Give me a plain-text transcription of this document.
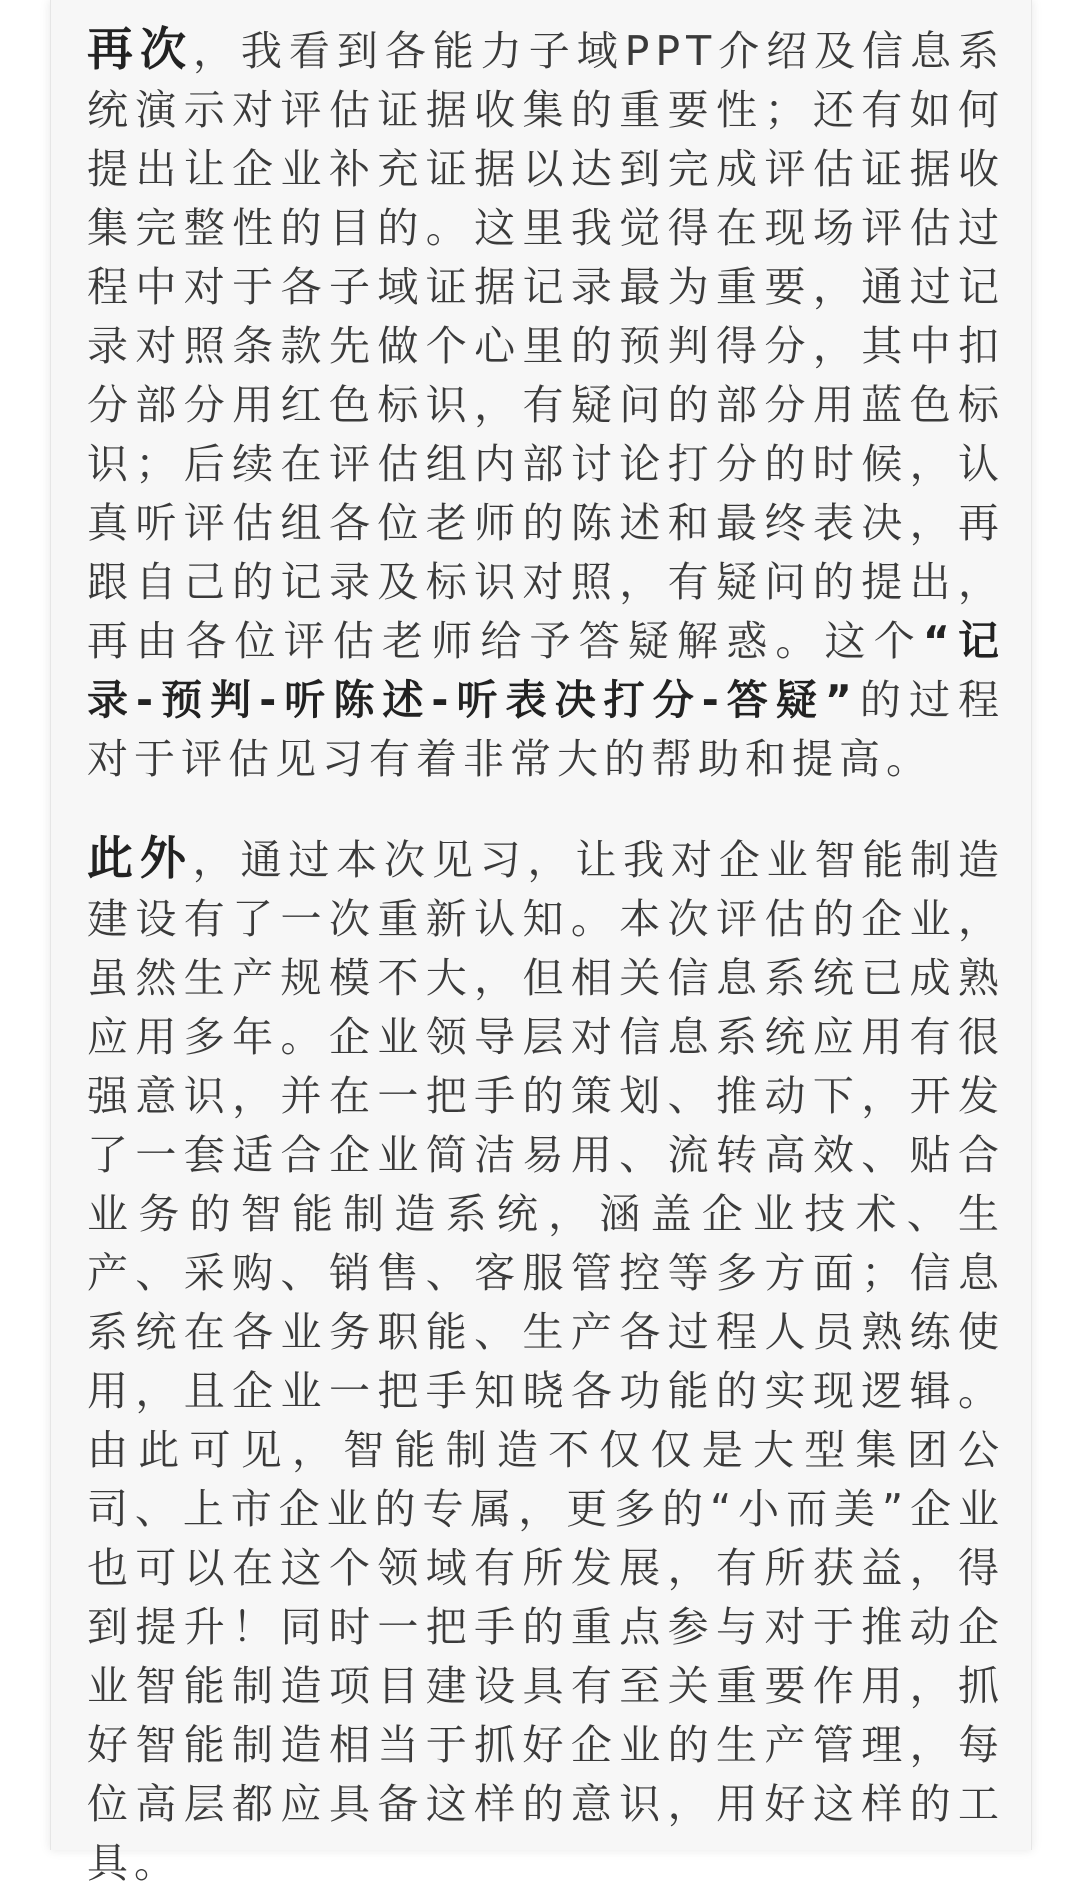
再次，我看到各能力子域PPT介绍及信息系统演示对评估证据收集的重要性；还有如何提出让企业补充证据以达到完成评估证据收集完整性的目的。这里我觉得在现场评估过程中对于各子域证据记录最为重要，通过记录对照条款先做个心里的预判得分，其中扣分部分用红色标识，有疑问的部分用蓝色标识；后续在评估组内部讨论打分的时候，认真听评估组各位老师的陈述和最终表决，再跟自己的记录及标识对照，有疑问的提出，再由各位评估老师给予答疑解惑。这个“记录-预判-听陈述-听表决打分-答疑”的过程对于评估见习有着非常大的帮助和提高。

此外，通过本次见习，让我对企业智能制造建设有了一次重新认知。本次评估的企业，虽然生产规模不大，但相关信息系统已成熟应用多年。企业领导层对信息系统应用有很强意识，并在一把手的策划、推动下，开发了一套适合企业简洁易用、流转高效、贴合业务的智能制造系统，涵盖企业技术、生产、采购、销售、客服管控等多方面；信息系统在各业务职能、生产各过程人员熟练使用，且企业一把手知晓各功能的实现逻辑。由此可见，智能制造不仅仅是大型集团公司、上市企业的专属，更多的“小而美”企业也可以在这个领域有所发展，有所获益，得到提升！同时一把手的重点参与对于推动企业智能制造项目建设具有至关重要作用，抓好智能制造相当于抓好企业的生产管理，每位高层都应具备这样的意识，用好这样的工具。
